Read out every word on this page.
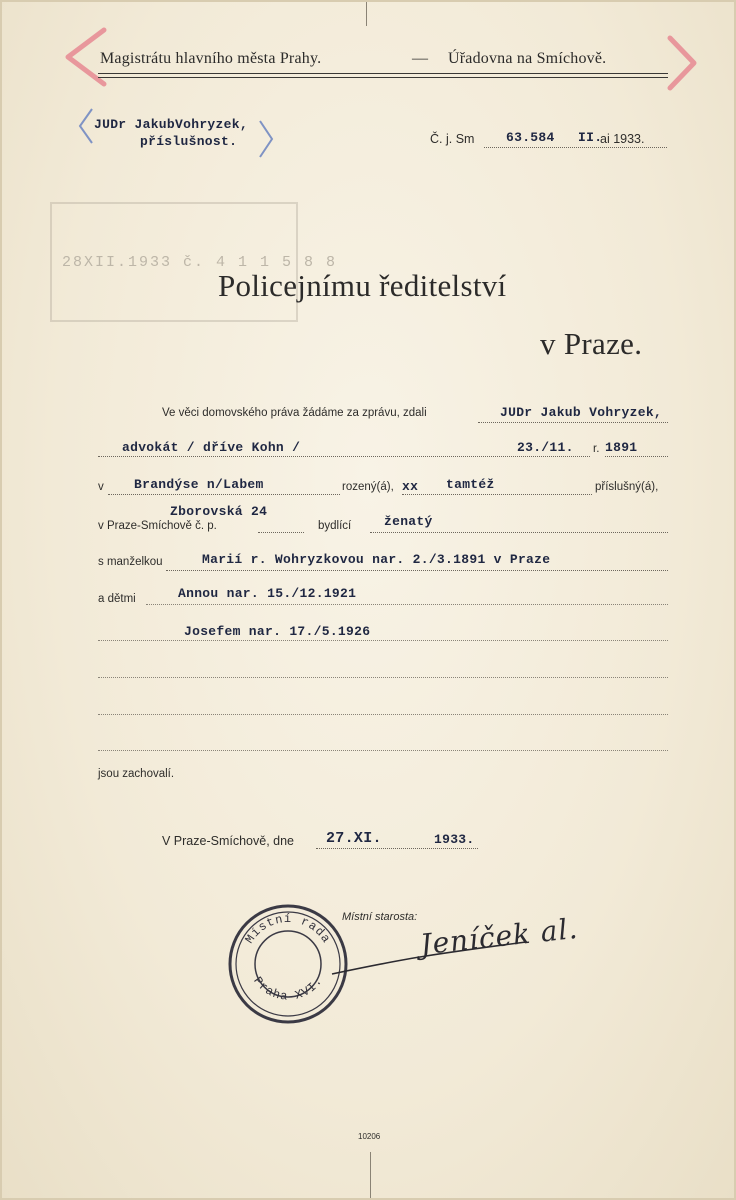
Magistrátu hlavního města Prahy.	— Úřadovna na Smíchově.
JUDr JakubVohryzek,
příslušnost.	Č. j. Sm 63.584 II.
ai 1933.
28XII.1933 č. 4 1 1 5 8 8
Policejnímu ředitelství
v Praze.
Ve věci domovského práva žádáme za zprávu, zdali	JUDr Jakub Vohryzek,
advokát / dříve Kohn /	23./11. r. 1891
v Brandýse n/Labem	rozený(á), xx tamtéž	příslušný(á),
Zborovská 24
v Praze-Smíchově č. p.	bydlící	ženatý
s manželkou	Marií r. Wohryzkovou nar. 2./3.1891 v Praze
a dětmi	Annou nar. 15./12.1921
Josefem nar. 17./5.1926
jsou zachovalí.
V Praze-Smíchově, dne 27.XI.	1933.
Místní rada
Praha XVI.
Místní starosta: Jeníček al.
10206
